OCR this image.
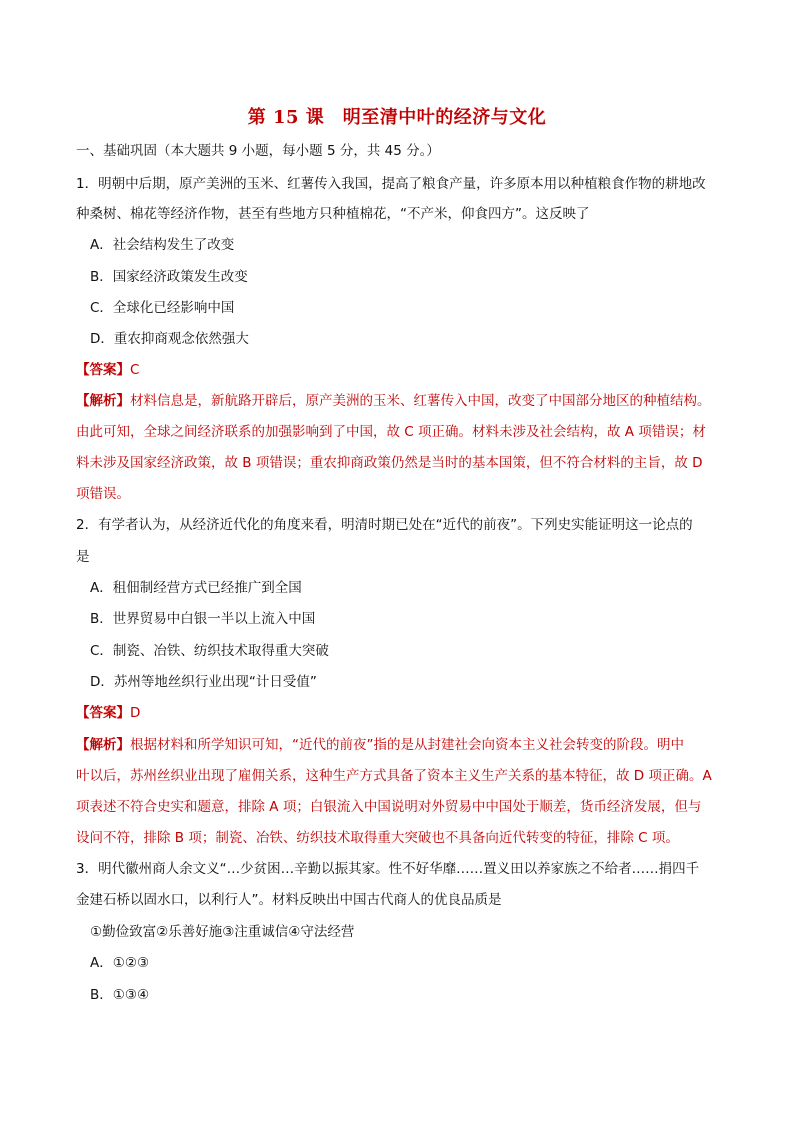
第 15 课　明至清中叶的经济与文化
一、基础巩固（本大题共 9 小题，每小题 5 分，共 45 分。）
1．明朝中后期，原产美洲的玉米、红薯传入我国，提高了粮食产量，许多原本用以种植粮食作物的耕地改
种桑树、棉花等经济作物，甚至有些地方只种植棉花，“不产米，仰食四方”。这反映了
A．社会结构发生了改变
B．国家经济政策发生改变
C．全球化已经影响中国
D．重农抑商观念依然强大
【答案】C
【解析】材料信息是，新航路开辟后，原产美洲的玉米、红薯传入中国，改变了中国部分地区的种植结构。
由此可知，全球之间经济联系的加强影响到了中国，故 C 项正确。材料未涉及社会结构，故 A 项错误；材
料未涉及国家经济政策，故 B 项错误；重农抑商政策仍然是当时的基本国策，但不符合材料的主旨，故 D
项错误。
2．有学者认为，从经济近代化的角度来看，明清时期已处在“近代的前夜”。下列史实能证明这一论点的
是
A．租佃制经营方式已经推广到全国
B．世界贸易中白银一半以上流入中国
C．制瓷、冶铁、纺织技术取得重大突破
D．苏州等地丝织行业出现“计日受值”
【答案】D
【解析】根据材料和所学知识可知，“近代的前夜”指的是从封建社会向资本主义社会转变的阶段。明中
叶以后，苏州丝织业出现了雇佣关系，这种生产方式具备了资本主义生产关系的基本特征，故 D 项正确。A
项表述不符合史实和题意，排除 A 项；白银流入中国说明对外贸易中中国处于顺差，货币经济发展，但与
设问不符，排除 B 项；制瓷、冶铁、纺织技术取得重大突破也不具备向近代转变的特征，排除 C 项。
3．明代徽州商人余文义“…少贫困…辛勤以振其家。性不好华靡……置义田以养家族之不给者……捐四千
金建石桥以固水口，以利行人”。材料反映出中国古代商人的优良品质是
①勤俭致富②乐善好施③注重诚信④守法经营
A．①②③
B．①③④
